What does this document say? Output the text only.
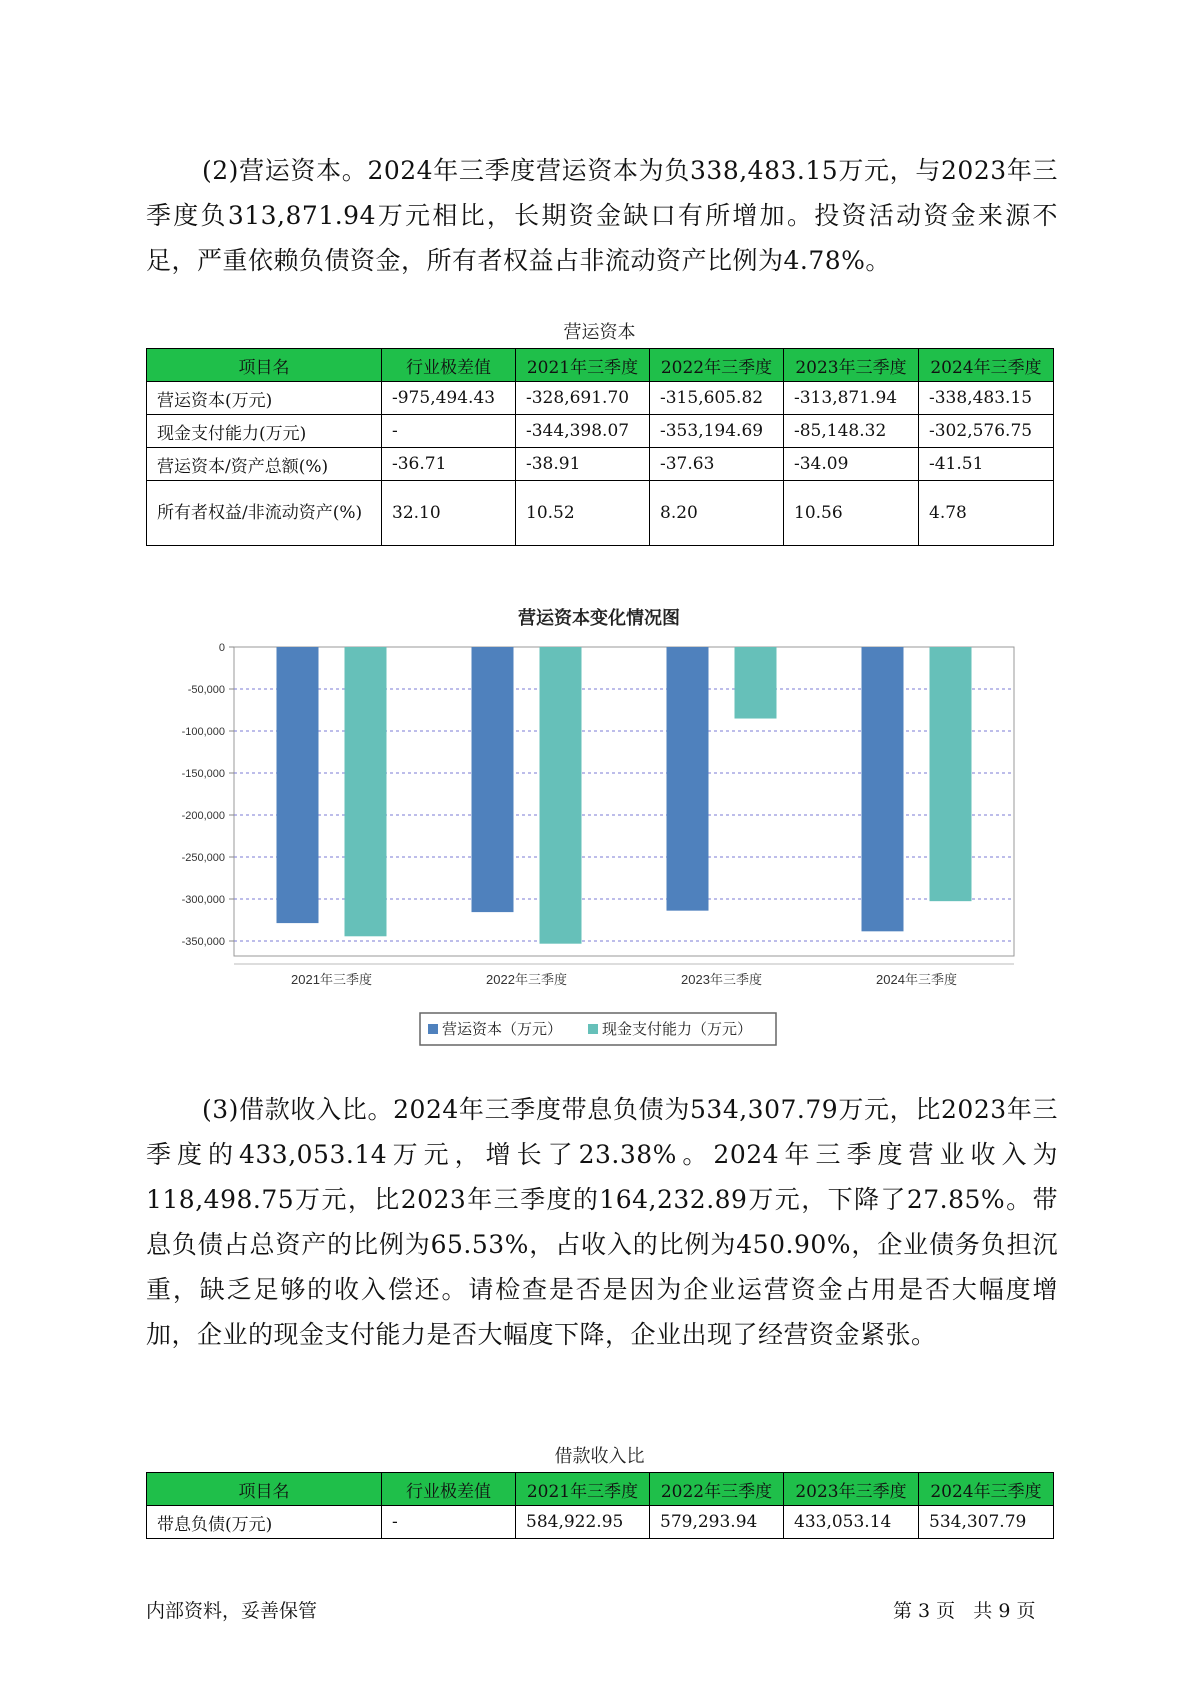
(2)营运资本。2024年三季度营运资本为负338,483.15万元，与2023年三季度负313,871.94万元相比，长期资金缺口有所增加。投资活动资金来源不足，严重依赖负债资金，所有者权益占非流动资产比例为4.78%。

营运资本
项目名	行业极差值	2021年三季度	2022年三季度	2023年三季度	2024年三季度
营运资本(万元)	-975,494.43	-328,691.70	-315,605.82	-313,871.94	-338,483.15
现金支付能力(万元)	-	-344,398.07	-353,194.69	-85,148.32	-302,576.75
营运资本/资产总额(%)	-36.71	-38.91	-37.63	-34.09	-41.51
所有者权益/非流动资产(%)	32.10	10.52	8.20	10.56	4.78
营运资本变化情况图
0
-50,000
-100,000
-150,000
-200,000
-250,000
-300,000
-350,000
2021年三季度	2022年三季度	2023年三季度	2024年三季度
营运资本（万元）	现金支付能力（万元）

(3)借款收入比。2024年三季度带息负债为534,307.79万元，比2023年三季度的433,053.14万元，增长了23.38%。2024年三季度营业收入为118,498.75万元，比2023年三季度的164,232.89万元，下降了27.85%。带息负债占总资产的比例为65.53%，占收入的比例为450.90%，企业债务负担沉重，缺乏足够的收入偿还。请检查是否是因为企业运营资金占用是否大幅度增加，企业的现金支付能力是否大幅度下降，企业出现了经营资金紧张。

借款收入比
项目名	行业极差值	2021年三季度	2022年三季度	2023年三季度	2024年三季度
带息负债(万元)	-	584,922.95	579,293.94	433,053.14	534,307.79
内部资料，妥善保管	第 3 页   共 9 页
